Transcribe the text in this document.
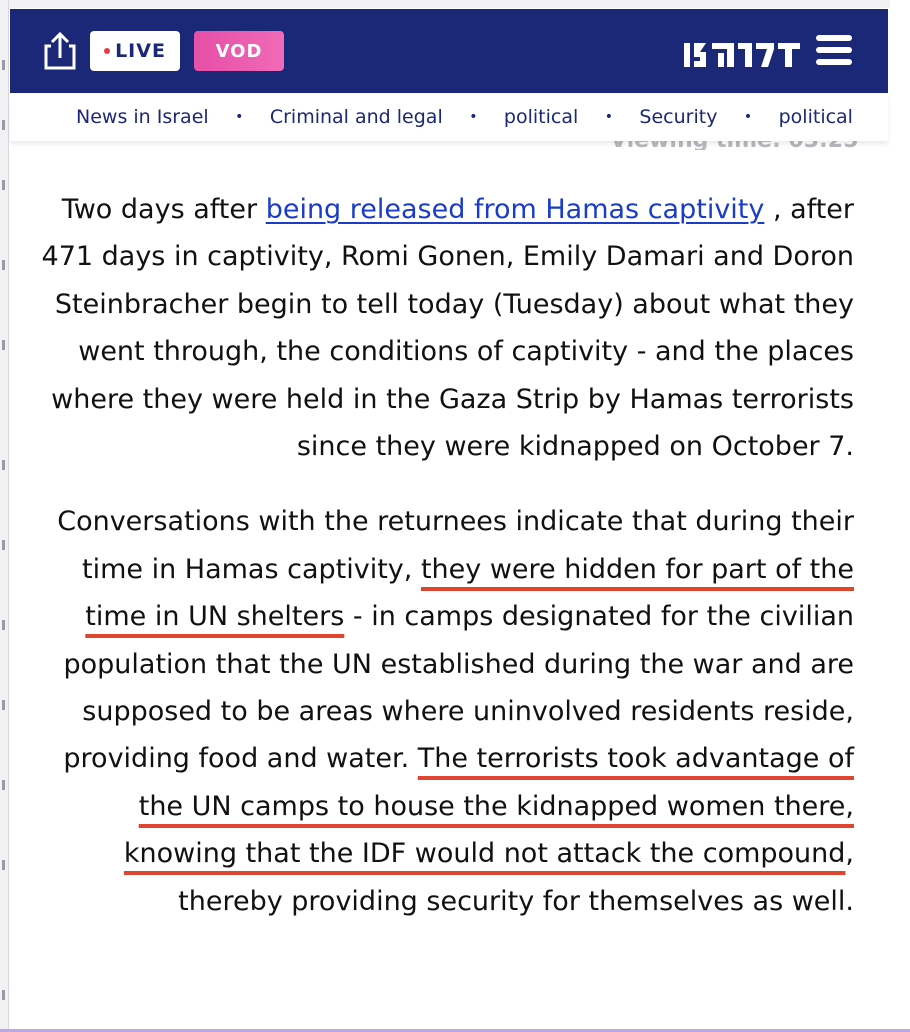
LIVE	VOD
News in Israel • Criminal and legal • political • Security • political

Two days after being released from Hamas captivity , after 471 days in captivity, Romi Gonen, Emily Damari and Doron Steinbracher begin to tell today (Tuesday) about what they went through, the conditions of captivity - and the places where they were held in the Gaza Strip by Hamas terrorists since they were kidnapped on October 7.

Conversations with the returnees indicate that during their time in Hamas captivity, they were hidden for part of the time in UN shelters - in camps designated for the civilian population that the UN established during the war and are supposed to be areas where uninvolved residents reside, providing food and water. The terrorists took advantage of the UN camps to house the kidnapped women there, knowing that the IDF would not attack the compound, thereby providing security for themselves as well.
